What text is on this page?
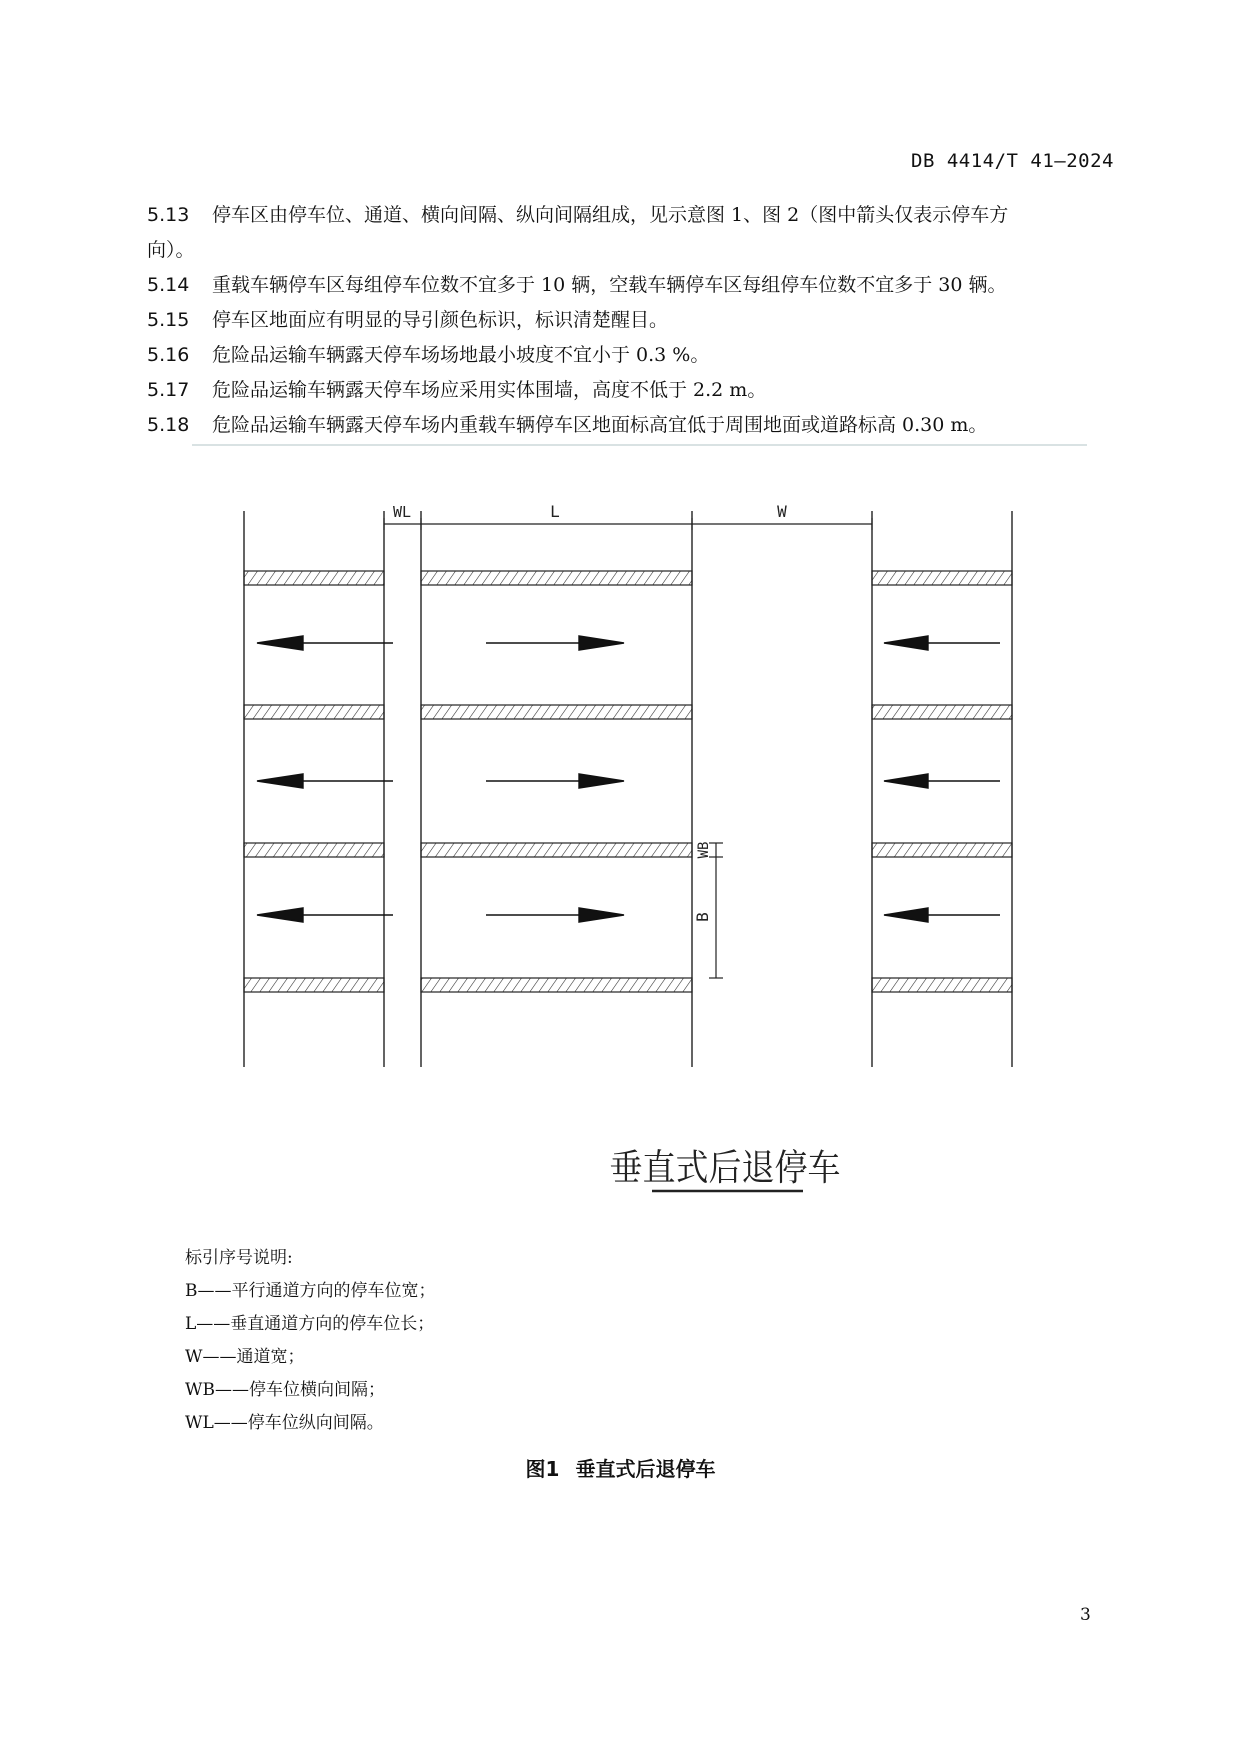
DB 4414/T 41—2024
5.13	停车区由停车位、通道、横向间隔、纵向间隔组成，见示意图 1、图 2（图中箭头仅表示停车方
向）。
5.14	重载车辆停车区每组停车位数不宜多于 10 辆，空载车辆停车区每组停车位数不宜多于 30 辆。
5.15	停车区地面应有明显的导引颜色标识，标识清楚醒目。
5.16	危险品运输车辆露天停车场场地最小坡度不宜小于 0.3 %。
5.17	危险品运输车辆露天停车场应采用实体围墙，高度不低于 2.2 m。
5.18	危险品运输车辆露天停车场内重载车辆停车区地面标高宜低于周围地面或道路标高 0.30 m。
WL	L	W
WB
B
垂直式后退停车
标引序号说明:
B——平行通道方向的停车位宽；
L——垂直通道方向的停车位长；
W——通道宽；
WB——停车位横向间隔；
WL——停车位纵向间隔。
图1 垂直式后退停车
3
